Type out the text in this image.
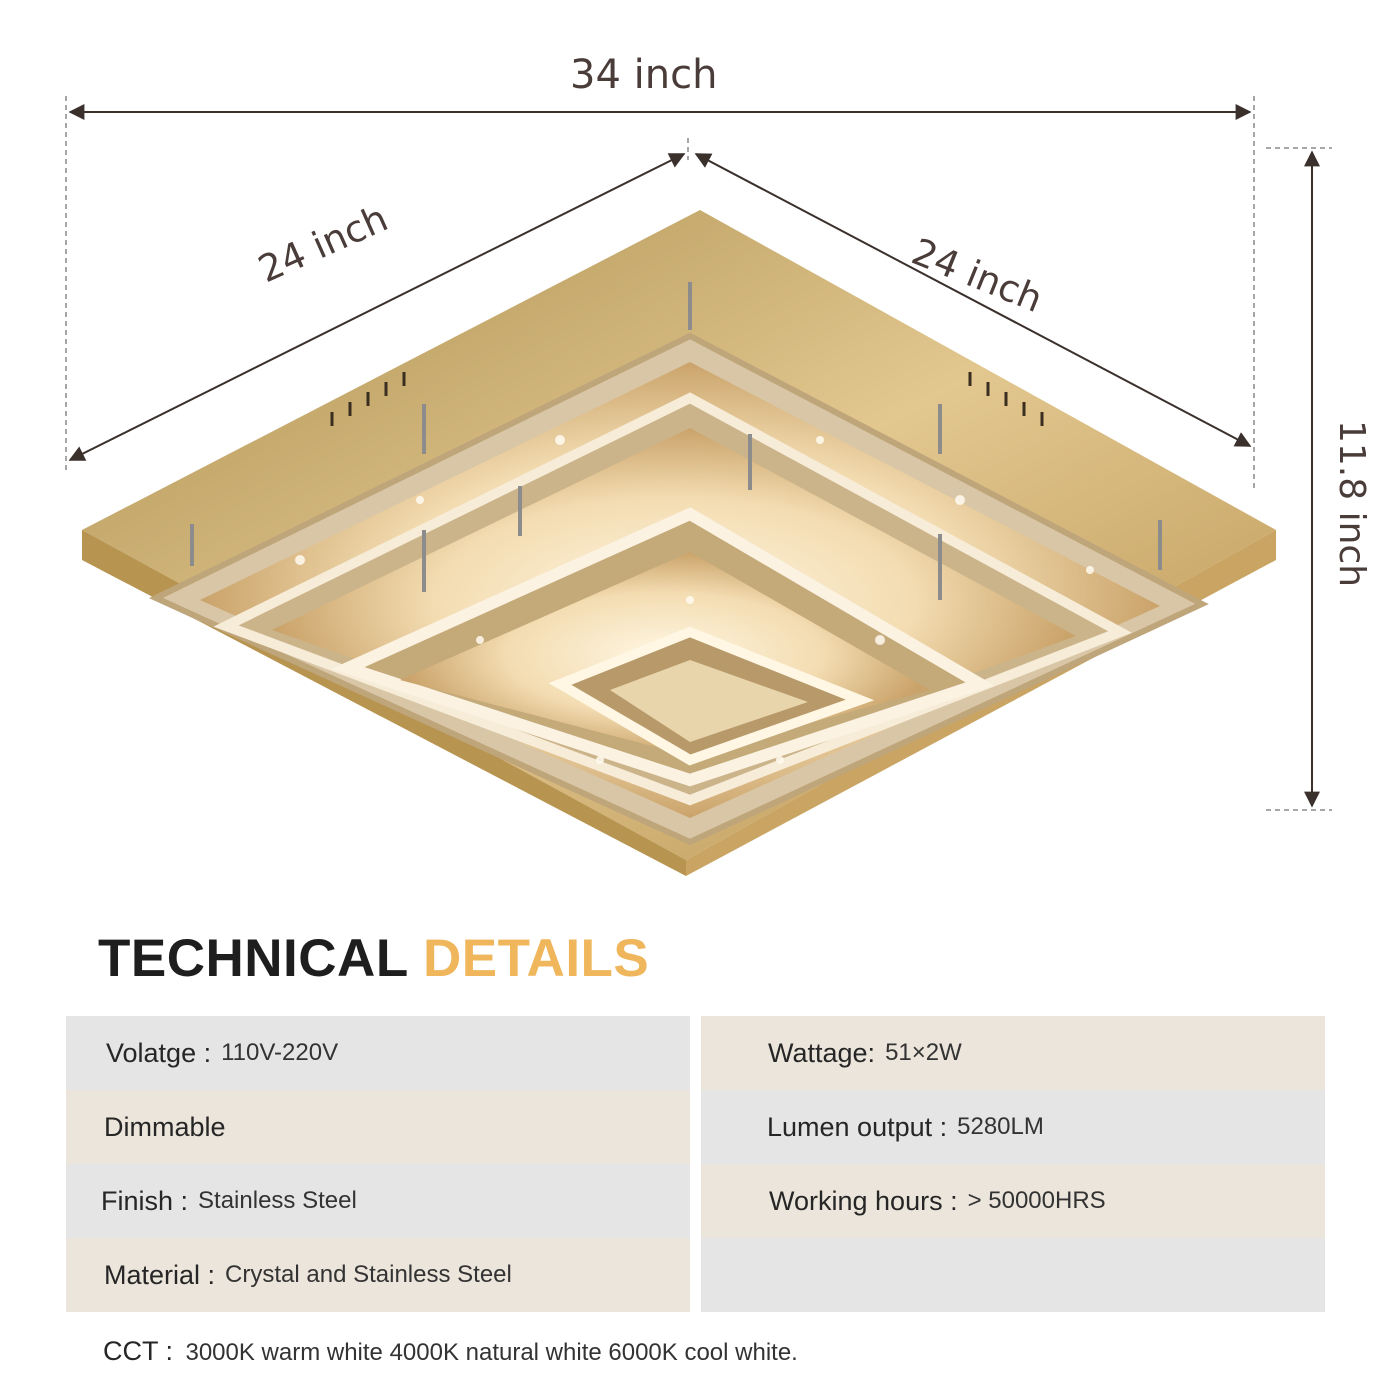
34 inch
24 inch	24 inch
11.8 inch
TECHNICAL DETAILS
Volatge : 110V-220V
Dimmable
Finish : Stainless Steel
Material : Crystal and Stainless Steel
Wattage: 51×2W
Lumen output : 5280LM
Working hours : > 50000HRS
CCT : 3000K warm white 4000K natural white 6000K cool white.
